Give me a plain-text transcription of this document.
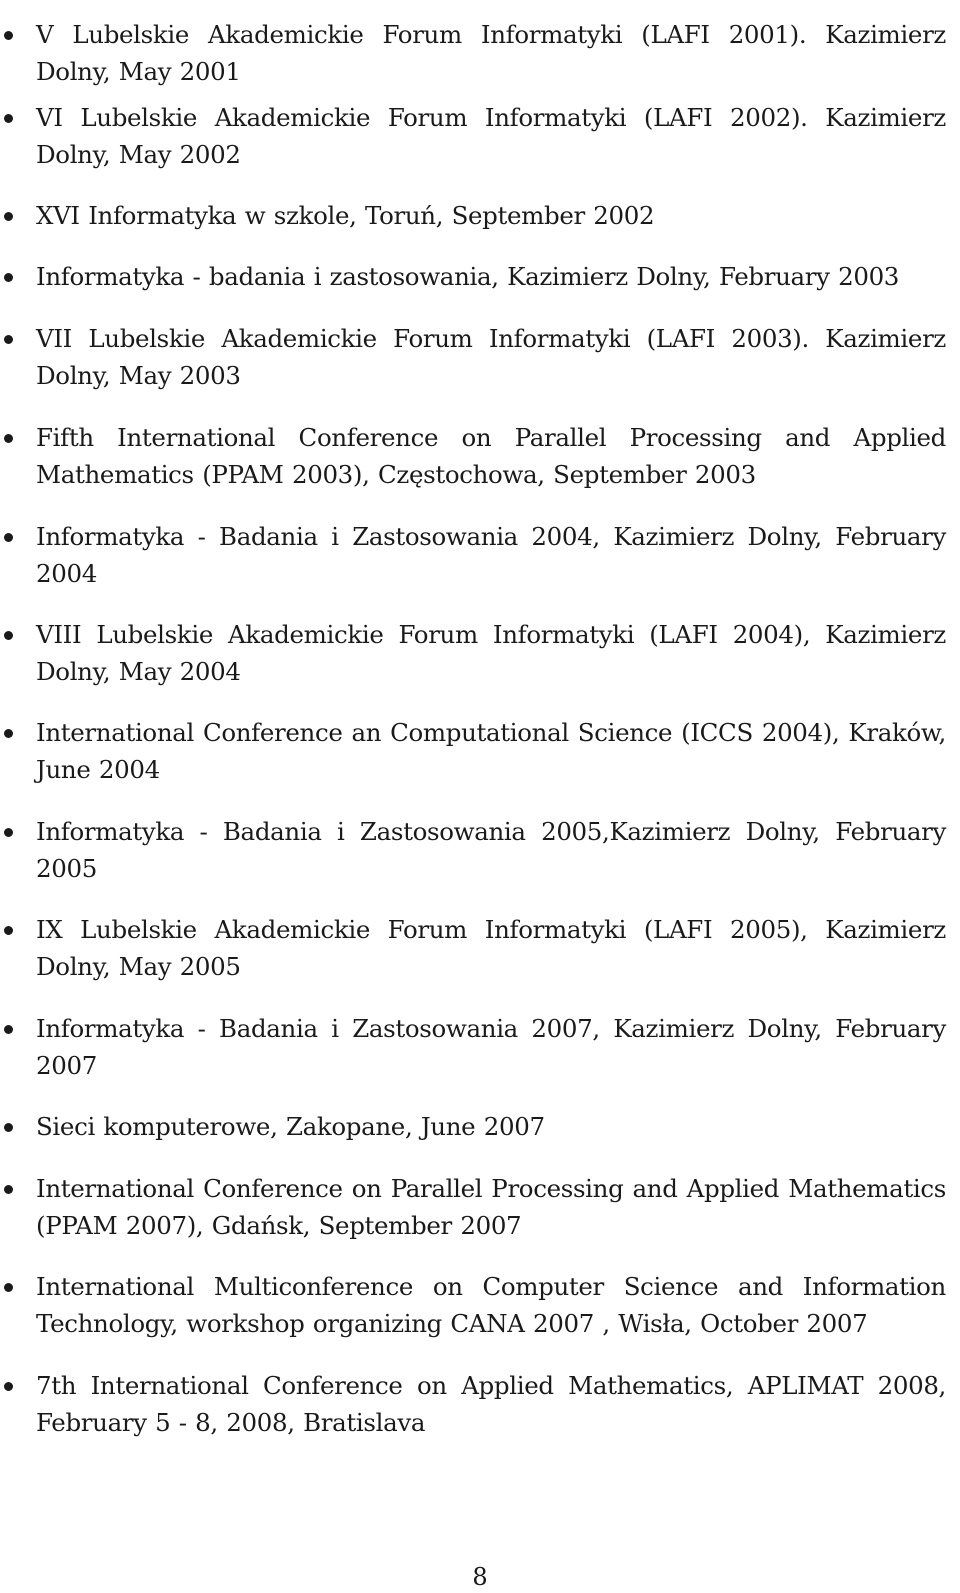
V Lubelskie Akademickie Forum Informatyki (LAFI 2001). Kazimierz Dolny, May 2001
VI Lubelskie Akademickie Forum Informatyki (LAFI 2002). Kazimierz Dolny, May 2002
XVI Informatyka w szkole, Toruń, September 2002
Informatyka - badania i zastosowania, Kazimierz Dolny, February 2003
VII Lubelskie Akademickie Forum Informatyki (LAFI 2003). Kazimierz Dolny, May 2003
Fifth International Conference on Parallel Processing and Applied Mathematics (PPAM 2003), Częstochowa, September 2003
Informatyka - Badania i Zastosowania 2004, Kazimierz Dolny, February 2004
VIII Lubelskie Akademickie Forum Informatyki (LAFI 2004), Kazimierz Dolny, May 2004
International Conference an Computational Science (ICCS 2004), Kraków, June 2004
Informatyka - Badania i Zastosowania 2005,Kazimierz Dolny, February 2005
IX Lubelskie Akademickie Forum Informatyki (LAFI 2005), Kazimierz Dolny, May 2005
Informatyka - Badania i Zastosowania 2007, Kazimierz Dolny, February 2007
Sieci komputerowe, Zakopane, June 2007
International Conference on Parallel Processing and Applied Mathematics (PPAM 2007), Gdańsk, September 2007
International Multiconference on Computer Science and Information Technology, workshop organizing CANA 2007 , Wisła, October 2007
7th International Conference on Applied Mathematics, APLIMAT 2008, February 5 - 8, 2008, Bratislava
8
